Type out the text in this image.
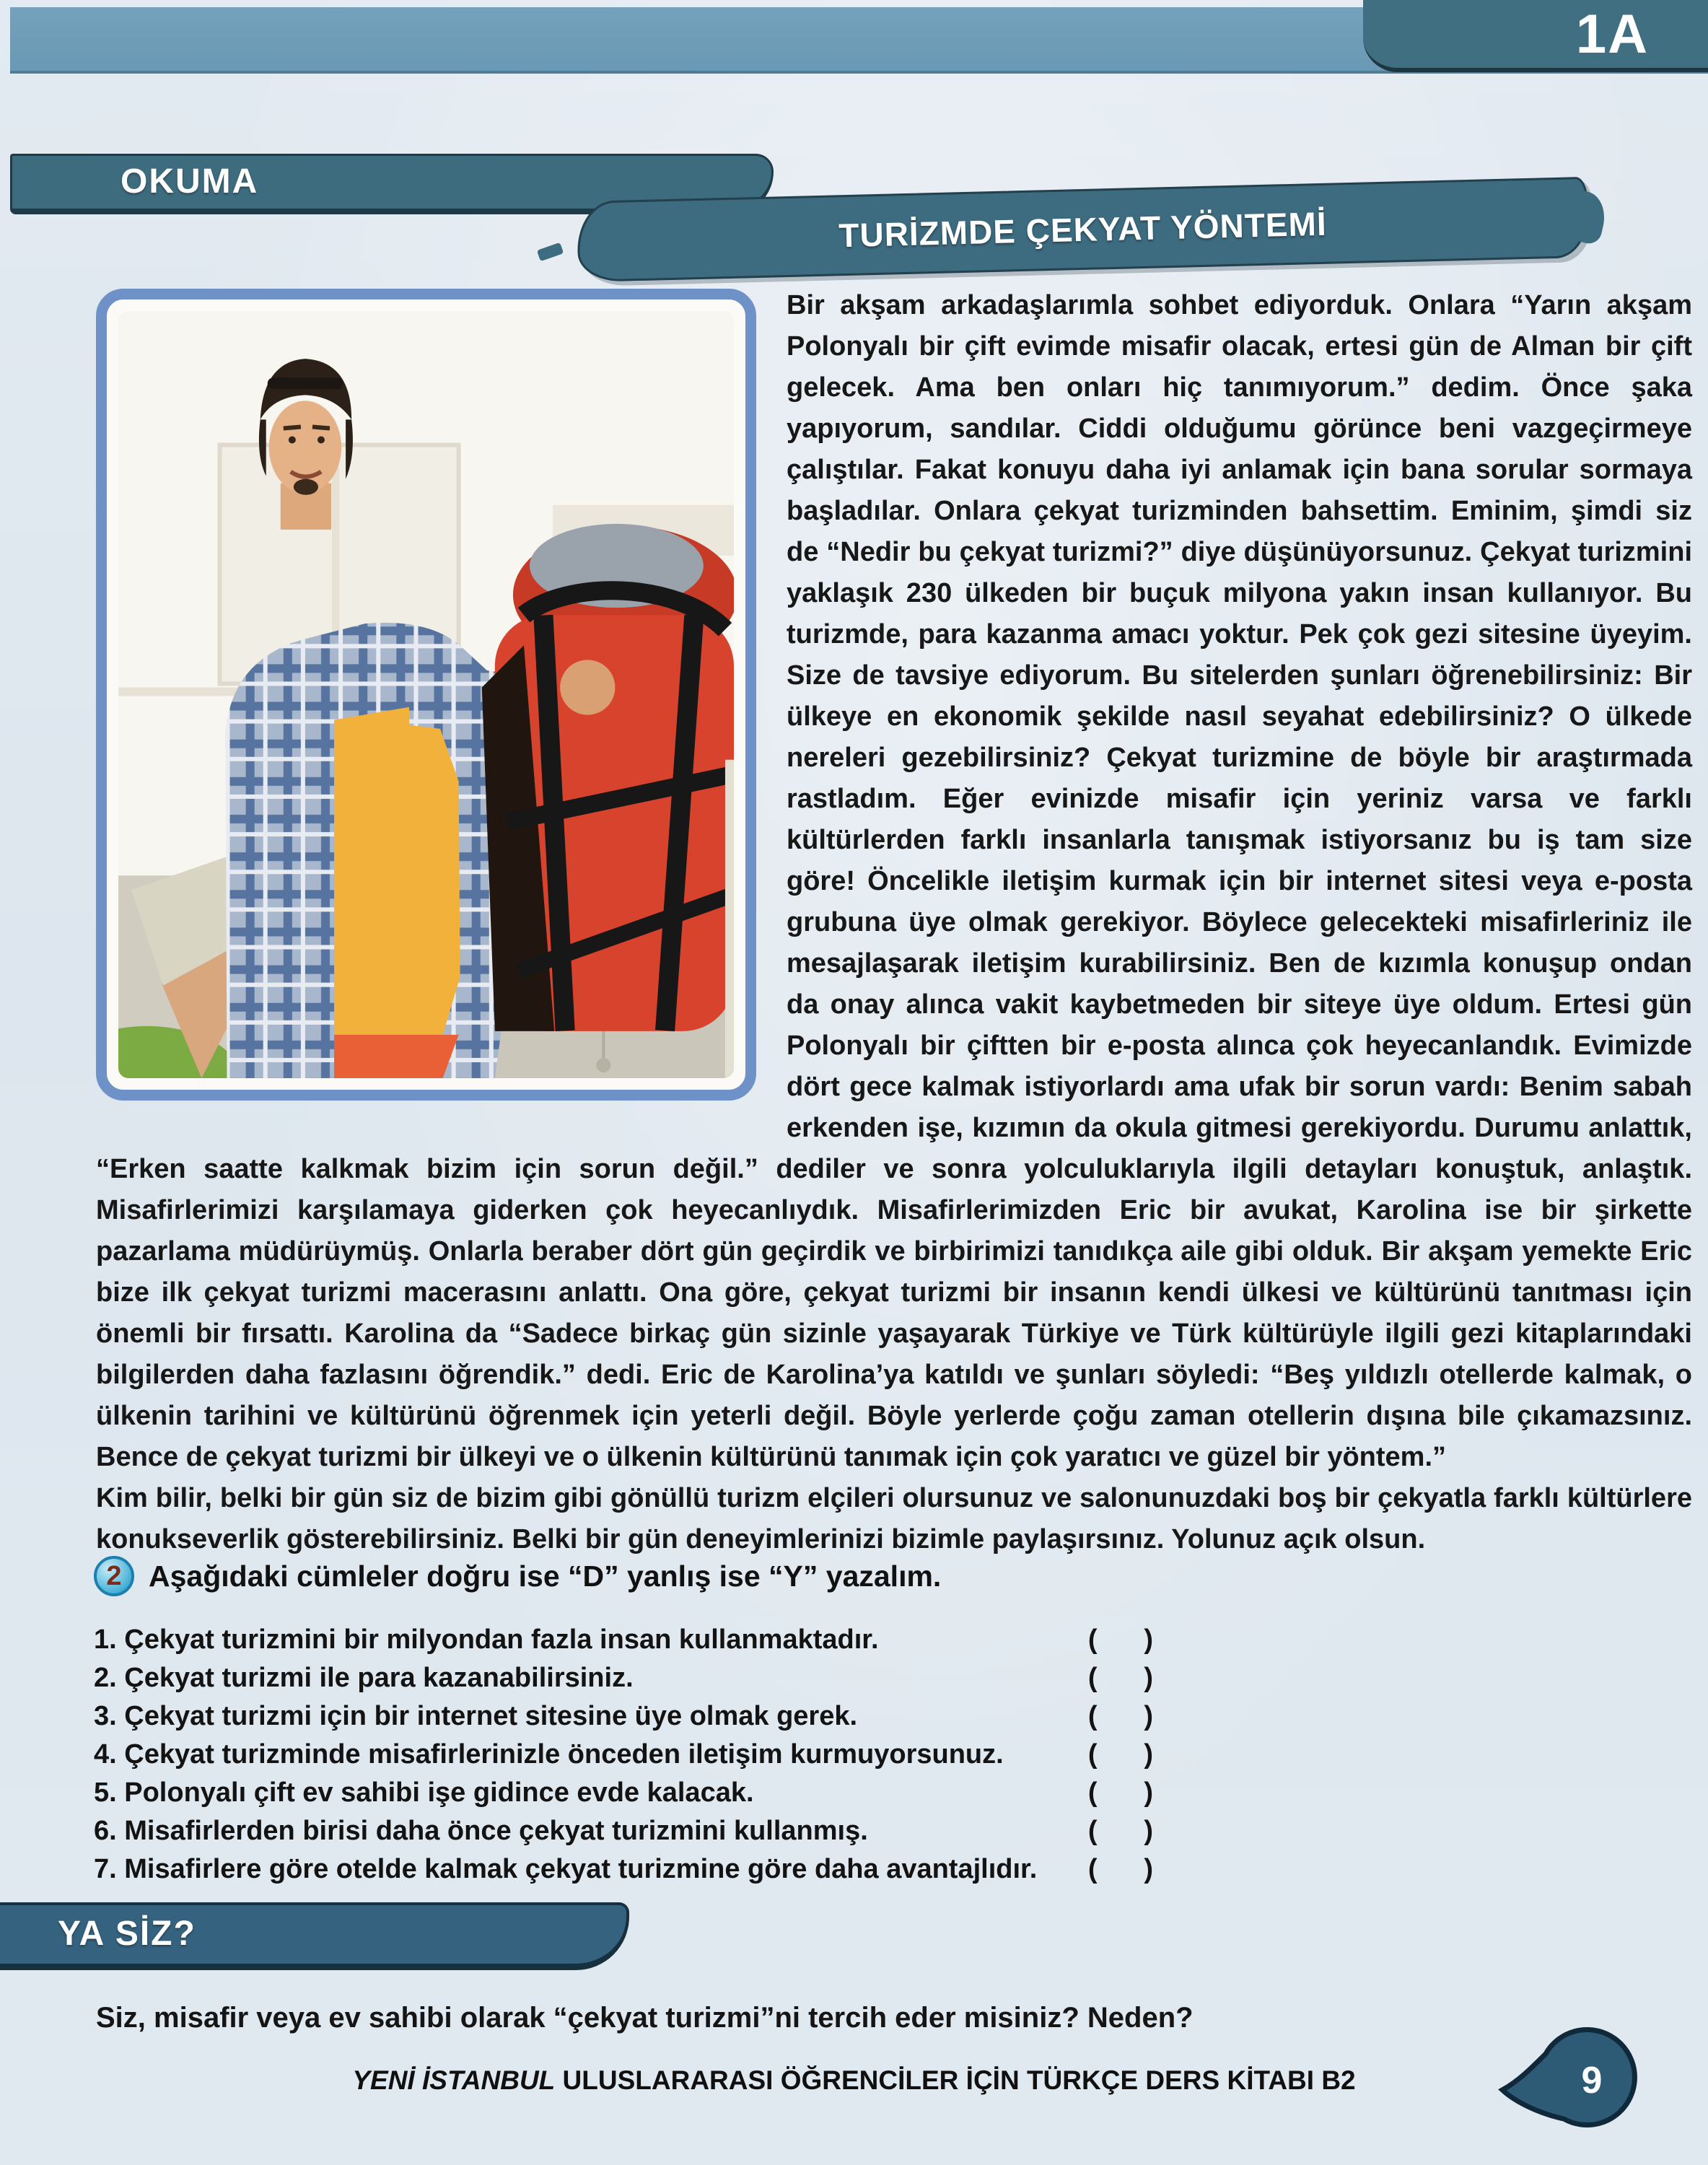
1A
OKUMA
TURİZMDE ÇEKYAT YÖNTEMİ

Bir akşam arkadaşlarımla sohbet ediyorduk. Onlara “Yarın akşam Polonyalı bir çift evimde misafir olacak, ertesi gün de Alman bir çift gelecek. Ama ben onları hiç tanımıyorum.” dedim. Önce şaka yapıyorum, sandılar. Ciddi olduğumu görünce beni vazgeçirmeye çalıştılar. Fakat konuyu daha iyi anlamak için bana sorular sormaya başladılar. Onlara çekyat turizminden bahsettim. Eminim, şimdi siz de “Nedir bu çekyat turizmi?” diye düşünüyorsunuz. Çekyat turizmini yaklaşık 230 ülkeden bir buçuk milyona yakın insan kullanıyor. Bu turizmde, para kazanma amacı yoktur. Pek çok gezi sitesine üyeyim. Size de tavsiye ediyorum. Bu sitelerden şunları öğrenebilirsiniz: Bir ülkeye en ekonomik şekilde nasıl seyahat edebilirsiniz? O ülkede nereleri gezebilirsiniz? Çekyat turizmine de böyle bir araştırmada rastladım. Eğer evinizde misafir için yeriniz varsa ve farklı kültürlerden farklı insanlarla tanışmak istiyorsanız bu iş tam size göre! Öncelikle iletişim kurmak için bir internet sitesi veya e-posta grubuna üye olmak gerekiyor. Böylece gelecekteki misafirleriniz ile mesajlaşarak iletişim kurabilirsiniz. Ben de kızımla konuşup ondan da onay alınca vakit kaybetmeden bir siteye üye oldum. Ertesi gün Polonyalı bir çiftten bir e-posta alınca çok heyecanlandık. Evimizde dört gece kalmak istiyorlardı ama ufak bir sorun vardı: Benim sabah erkenden işe, kızımın da okula gitmesi gerekiyordu. Durumu anlattık, “Erken saatte kalkmak bizim için sorun değil.” dediler ve sonra yolculuklarıyla ilgili detayları konuştuk, anlaştık. Misafirlerimizi karşılamaya giderken çok heyecanlıydık. Misafirlerimizden Eric bir avukat, Karolina ise bir şirkette pazarlama müdürüymüş. Onlarla beraber dört gün geçirdik ve birbirimizi tanıdıkça aile gibi olduk. Bir akşam yemekte Eric bize ilk çekyat turizmi macerasını anlattı. Ona göre, çekyat turizmi bir insanın kendi ülkesi ve kültürünü tanıtması için önemli bir fırsattı. Karolina da “Sadece birkaç gün sizinle yaşayarak Türkiye ve Türk kültürüyle ilgili gezi kitaplarındaki bilgilerden daha fazlasını öğrendik.” dedi. Eric de Karolina’ya katıldı ve şunları söyledi: “Beş yıldızlı otellerde kalmak, o ülkenin tarihini ve kültürünü öğrenmek için yeterli değil. Böyle yerlerde çoğu zaman otellerin dışına bile çıkamazsınız. Bence de çekyat turizmi bir ülkeyi ve o ülkenin kültürünü tanımak için çok yaratıcı ve güzel bir yöntem.”

Kim bilir, belki bir gün siz de bizim gibi gönüllü turizm elçileri olursunuz ve salonunuzdaki boş bir çekyatla farklı kültürlere konukseverlik gösterebilirsiniz. Belki bir gün deneyimlerinizi bizimle paylaşırsınız. Yolunuz açık olsun.

2 Aşağıdaki cümleler doğru ise “D” yanlış ise “Y” yazalım.
1. Çekyat turizmini bir milyondan fazla insan kullanmaktadır.	(     )
2. Çekyat turizmi ile para kazanabilirsiniz.	(     )
3. Çekyat turizmi için bir internet sitesine üye olmak gerek.	(     )
4. Çekyat turizminde misafirlerinizle önceden iletişim kurmuyorsunuz.	(     )
5. Polonyalı çift ev sahibi işe gidince evde kalacak.	(     )
6. Misafirlerden birisi daha önce çekyat turizmini kullanmış.	(     )
7. Misafirlere göre otelde kalmak çekyat turizmine göre daha avantajlıdır. (     )
YA SİZ?
Siz, misafir veya ev sahibi olarak “çekyat turizmi”ni tercih eder misiniz? Neden?
YENİ İSTANBUL ULUSLARARASI ÖĞRENCİLER İÇİN TÜRKÇE DERS KİTABI B2	9
